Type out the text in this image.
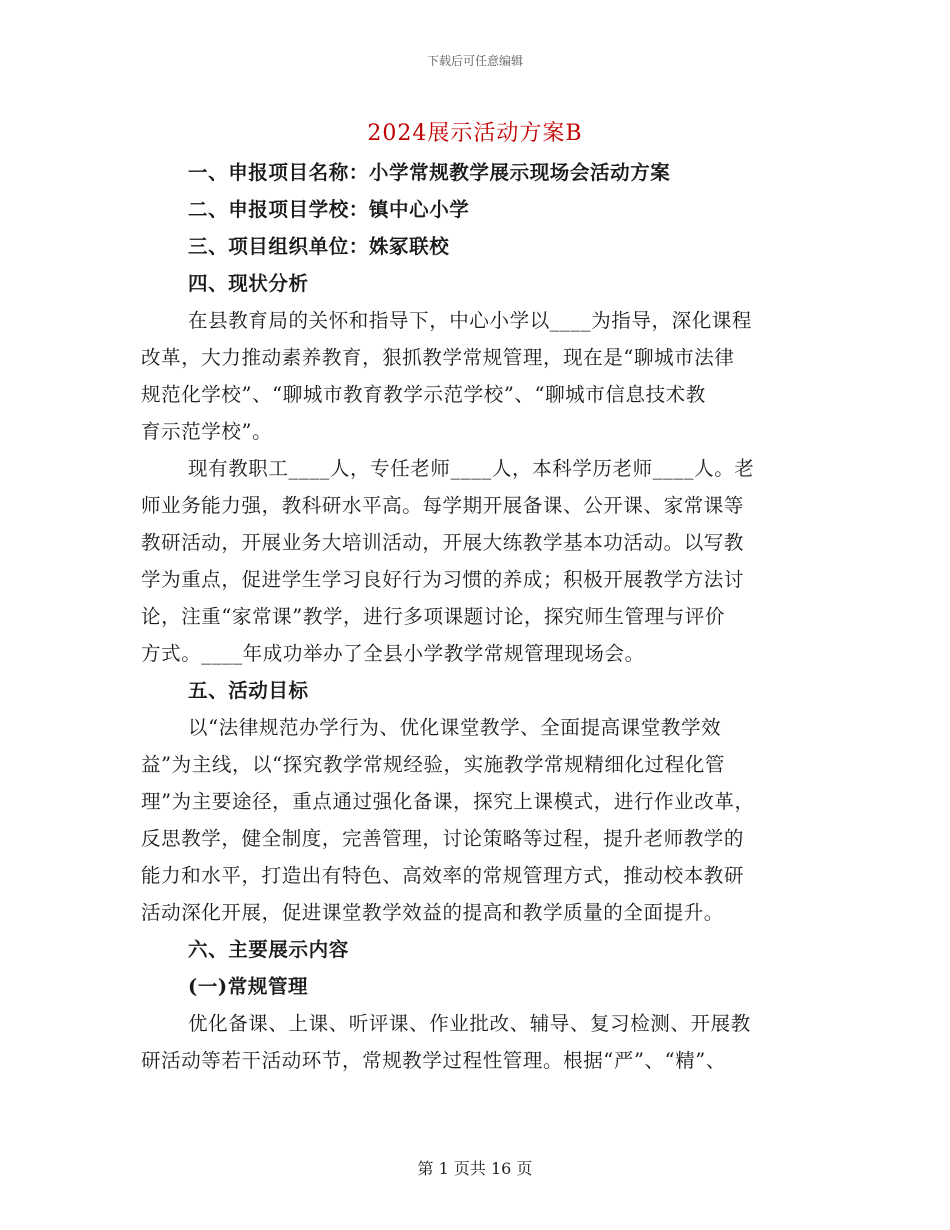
下载后可任意编辑
2024展示活动方案B
一、申报项目名称：小学常规教学展示现场会活动方案
二、申报项目学校：镇中心小学
三、项目组织单位：姝冢联校
四、现状分析
在县教育局的关怀和指导下，中心小学以____为指导，深化课程
改革，大力推动素养教育，狠抓教学常规管理，现在是“聊城市法律
规范化学校”、“聊城市教育教学示范学校”、“聊城市信息技术教
育示范学校”。
现有教职工____人，专任老师____人，本科学历老师____人。老
师业务能力强，教科研水平高。每学期开展备课、公开课、家常课等
教研活动，开展业务大培训活动，开展大练教学基本功活动。以写教
学为重点，促进学生学习良好行为习惯的养成；积极开展教学方法讨
论，注重“家常课”教学，进行多项课题讨论，探究师生管理与评价
方式。____年成功举办了全县小学教学常规管理现场会。
五、活动目标
以“法律规范办学行为、优化课堂教学、全面提高课堂教学效
益”为主线，以“探究教学常规经验，实施教学常规精细化过程化管
理”为主要途径，重点通过强化备课，探究上课模式，进行作业改革，
反思教学，健全制度，完善管理，讨论策略等过程，提升老师教学的
能力和水平，打造出有特色、高效率的常规管理方式，推动校本教研
活动深化开展，促进课堂教学效益的提高和教学质量的全面提升。
六、主要展示内容
(一)常规管理
优化备课、上课、听评课、作业批改、辅导、复习检测、开展教
研活动等若干活动环节，常规教学过程性管理。根据“严”、“精”、
第 1 页共 16 页
